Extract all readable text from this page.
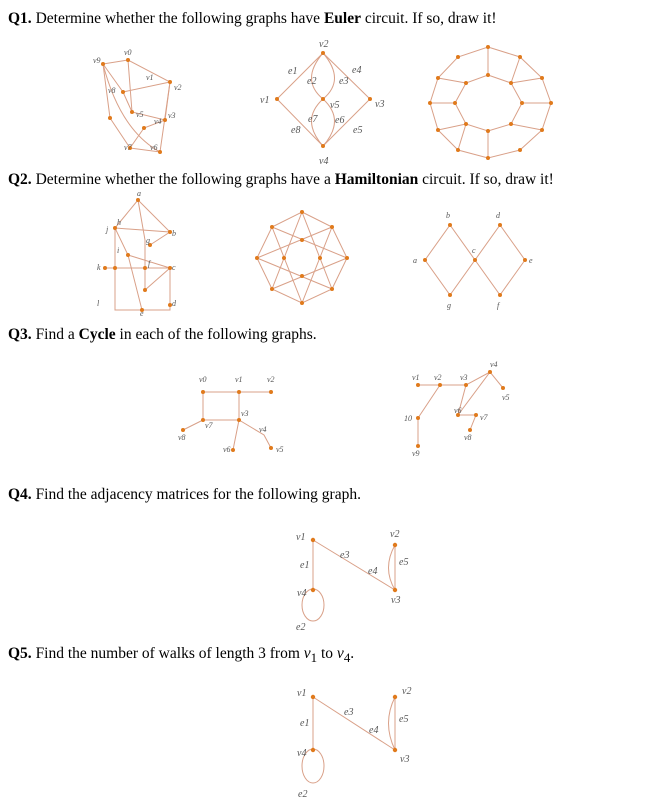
Q1. Determine whether the following graphs have Euler circuit. If so, draw it!
Q2. Determine whether the following graphs have a Hamiltonian circuit. If so, draw it!
Q3. Find a Cycle in each of the following graphs.
Q4. Find the adjacency matrices for the following graph.
Q5. Find the number of walks of length 3 from $v_1$ to $v_4$.
v0
v1
v2
v3
v4
v5
v6
v7
v8
v9
v2
e1
e2 e3
e4
v1	v5	v3
e7 e6
e8	e5
v4
a
b
g
h
f
i
j
k	c
e
d
l
a
b
c
d
e
g	f
v0	v1	v2
v3
v4
v7
v8
v6	v5
v1 v2 v3
v4
v5
v6
v7
10
v8
v9
v1
e3
v2
e1
e4
e5
v4
v3
e2
v1	v2
e3
e1
e4
e5
v4
v3
e2
